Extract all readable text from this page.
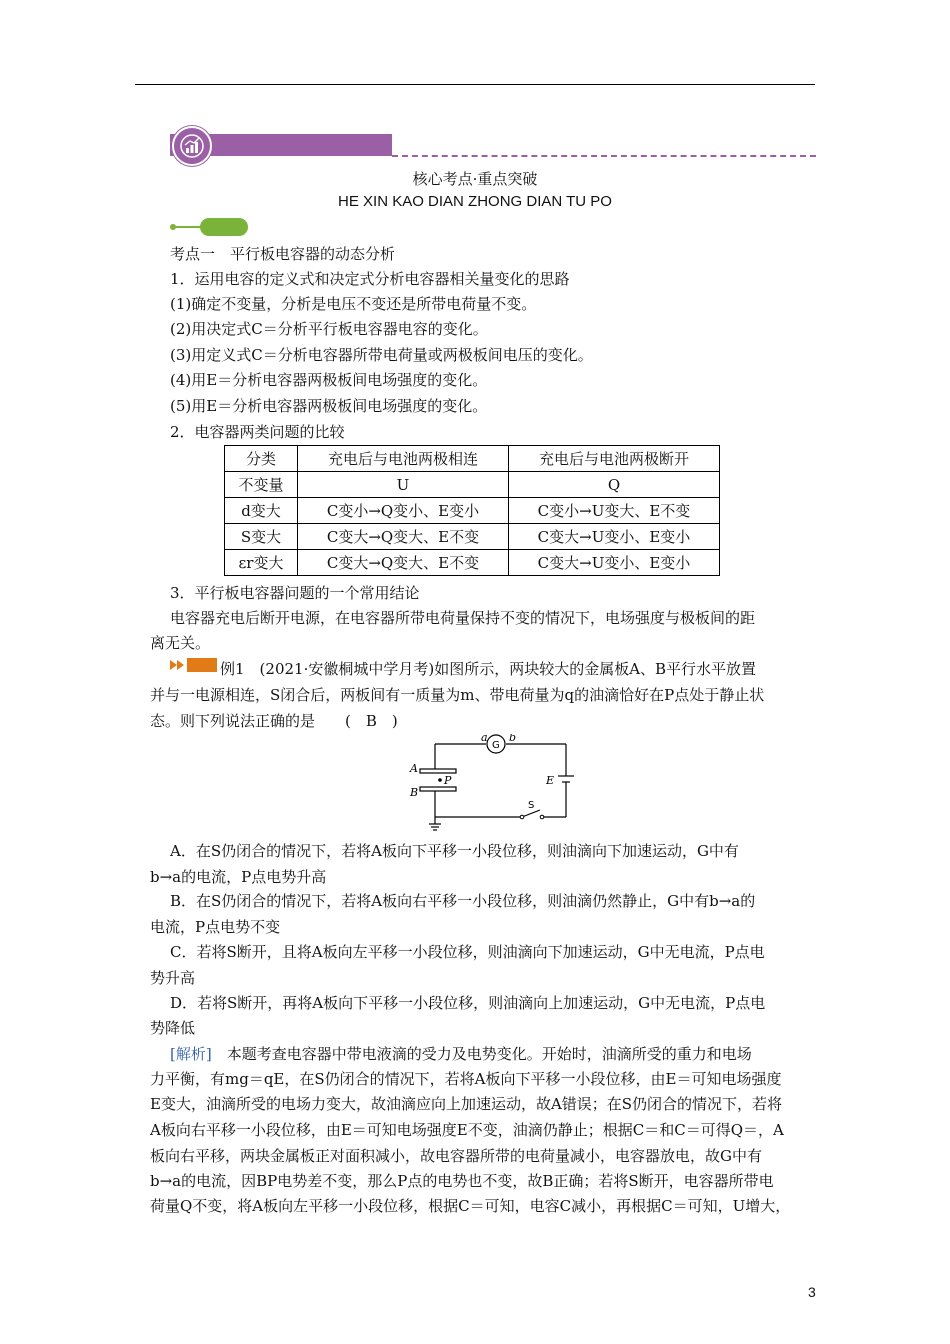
核心考点·重点突破
HE XIN KAO DIAN ZHONG DIAN TU PO
考点一　平行板电容器的动态分析
1．运用电容的定义式和决定式分析电容器相关量变化的思路
(1)确定不变量，分析是电压不变还是所带电荷量不变。
(2)用决定式C＝分析平行板电容器电容的变化。
(3)用定义式C＝分析电容器所带电荷量或两极板间电压的变化。
(4)用E＝分析电容器两极板间电场强度的变化。
(5)用E＝分析电容器两极板间电场强度的变化。
2．电容器两类问题的比较
分类	充电后与电池两极相连	充电后与电池两极断开
不变量	U	Q
d变大	C变小→Q变小、E变小	C变小→U变大、E不变
S变大	C变大→Q变大、E不变	C变大→U变小、E变小
εr变大	C变大→Q变大、E不变	C变大→U变小、E变小
3．平行板电容器问题的一个常用结论
电容器充电后断开电源，在电容器所带电荷量保持不变的情况下，电场强度与极板间的距
离无关。
例1　(2021·安徽桐城中学月考)如图所示，两块较大的金属板A、B平行水平放置
并与一电源相连，S闭合后，两板间有一质量为m、带电荷量为q的油滴恰好在P点处于静止状
态。则下列说法正确的是　　(　B　)
a b
A
B
P	E
G
S
A．在S仍闭合的情况下，若将A板向下平移一小段位移，则油滴向下加速运动，G中有
b→a的电流，P点电势升高
B．在S仍闭合的情况下，若将A板向右平移一小段位移，则油滴仍然静止，G中有b→a的
电流，P点电势不变
C．若将S断开，且将A板向左平移一小段位移，则油滴向下加速运动，G中无电流，P点电
势升高
D．若将S断开，再将A板向下平移一小段位移，则油滴向上加速运动，G中无电流，P点电
势降低
[解析]　本题考查电容器中带电液滴的受力及电势变化。开始时，油滴所受的重力和电场
力平衡，有mg＝qE，在S仍闭合的情况下，若将A板向下平移一小段位移，由E＝可知电场强度
E变大，油滴所受的电场力变大，故油滴应向上加速运动，故A错误；在S仍闭合的情况下，若将
A板向右平移一小段位移，由E＝可知电场强度E不变，油滴仍静止；根据C＝和C＝可得Q＝，A
板向右平移，两块金属板正对面积减小，故电容器所带的电荷量减小，电容器放电，故G中有
b→a的电流，因BP电势差不变，那么P点的电势也不变，故B正确；若将S断开，电容器所带电
荷量Q不变，将A板向左平移一小段位移，根据C＝可知，电容C减小，再根据C＝可知，U增大，
3
